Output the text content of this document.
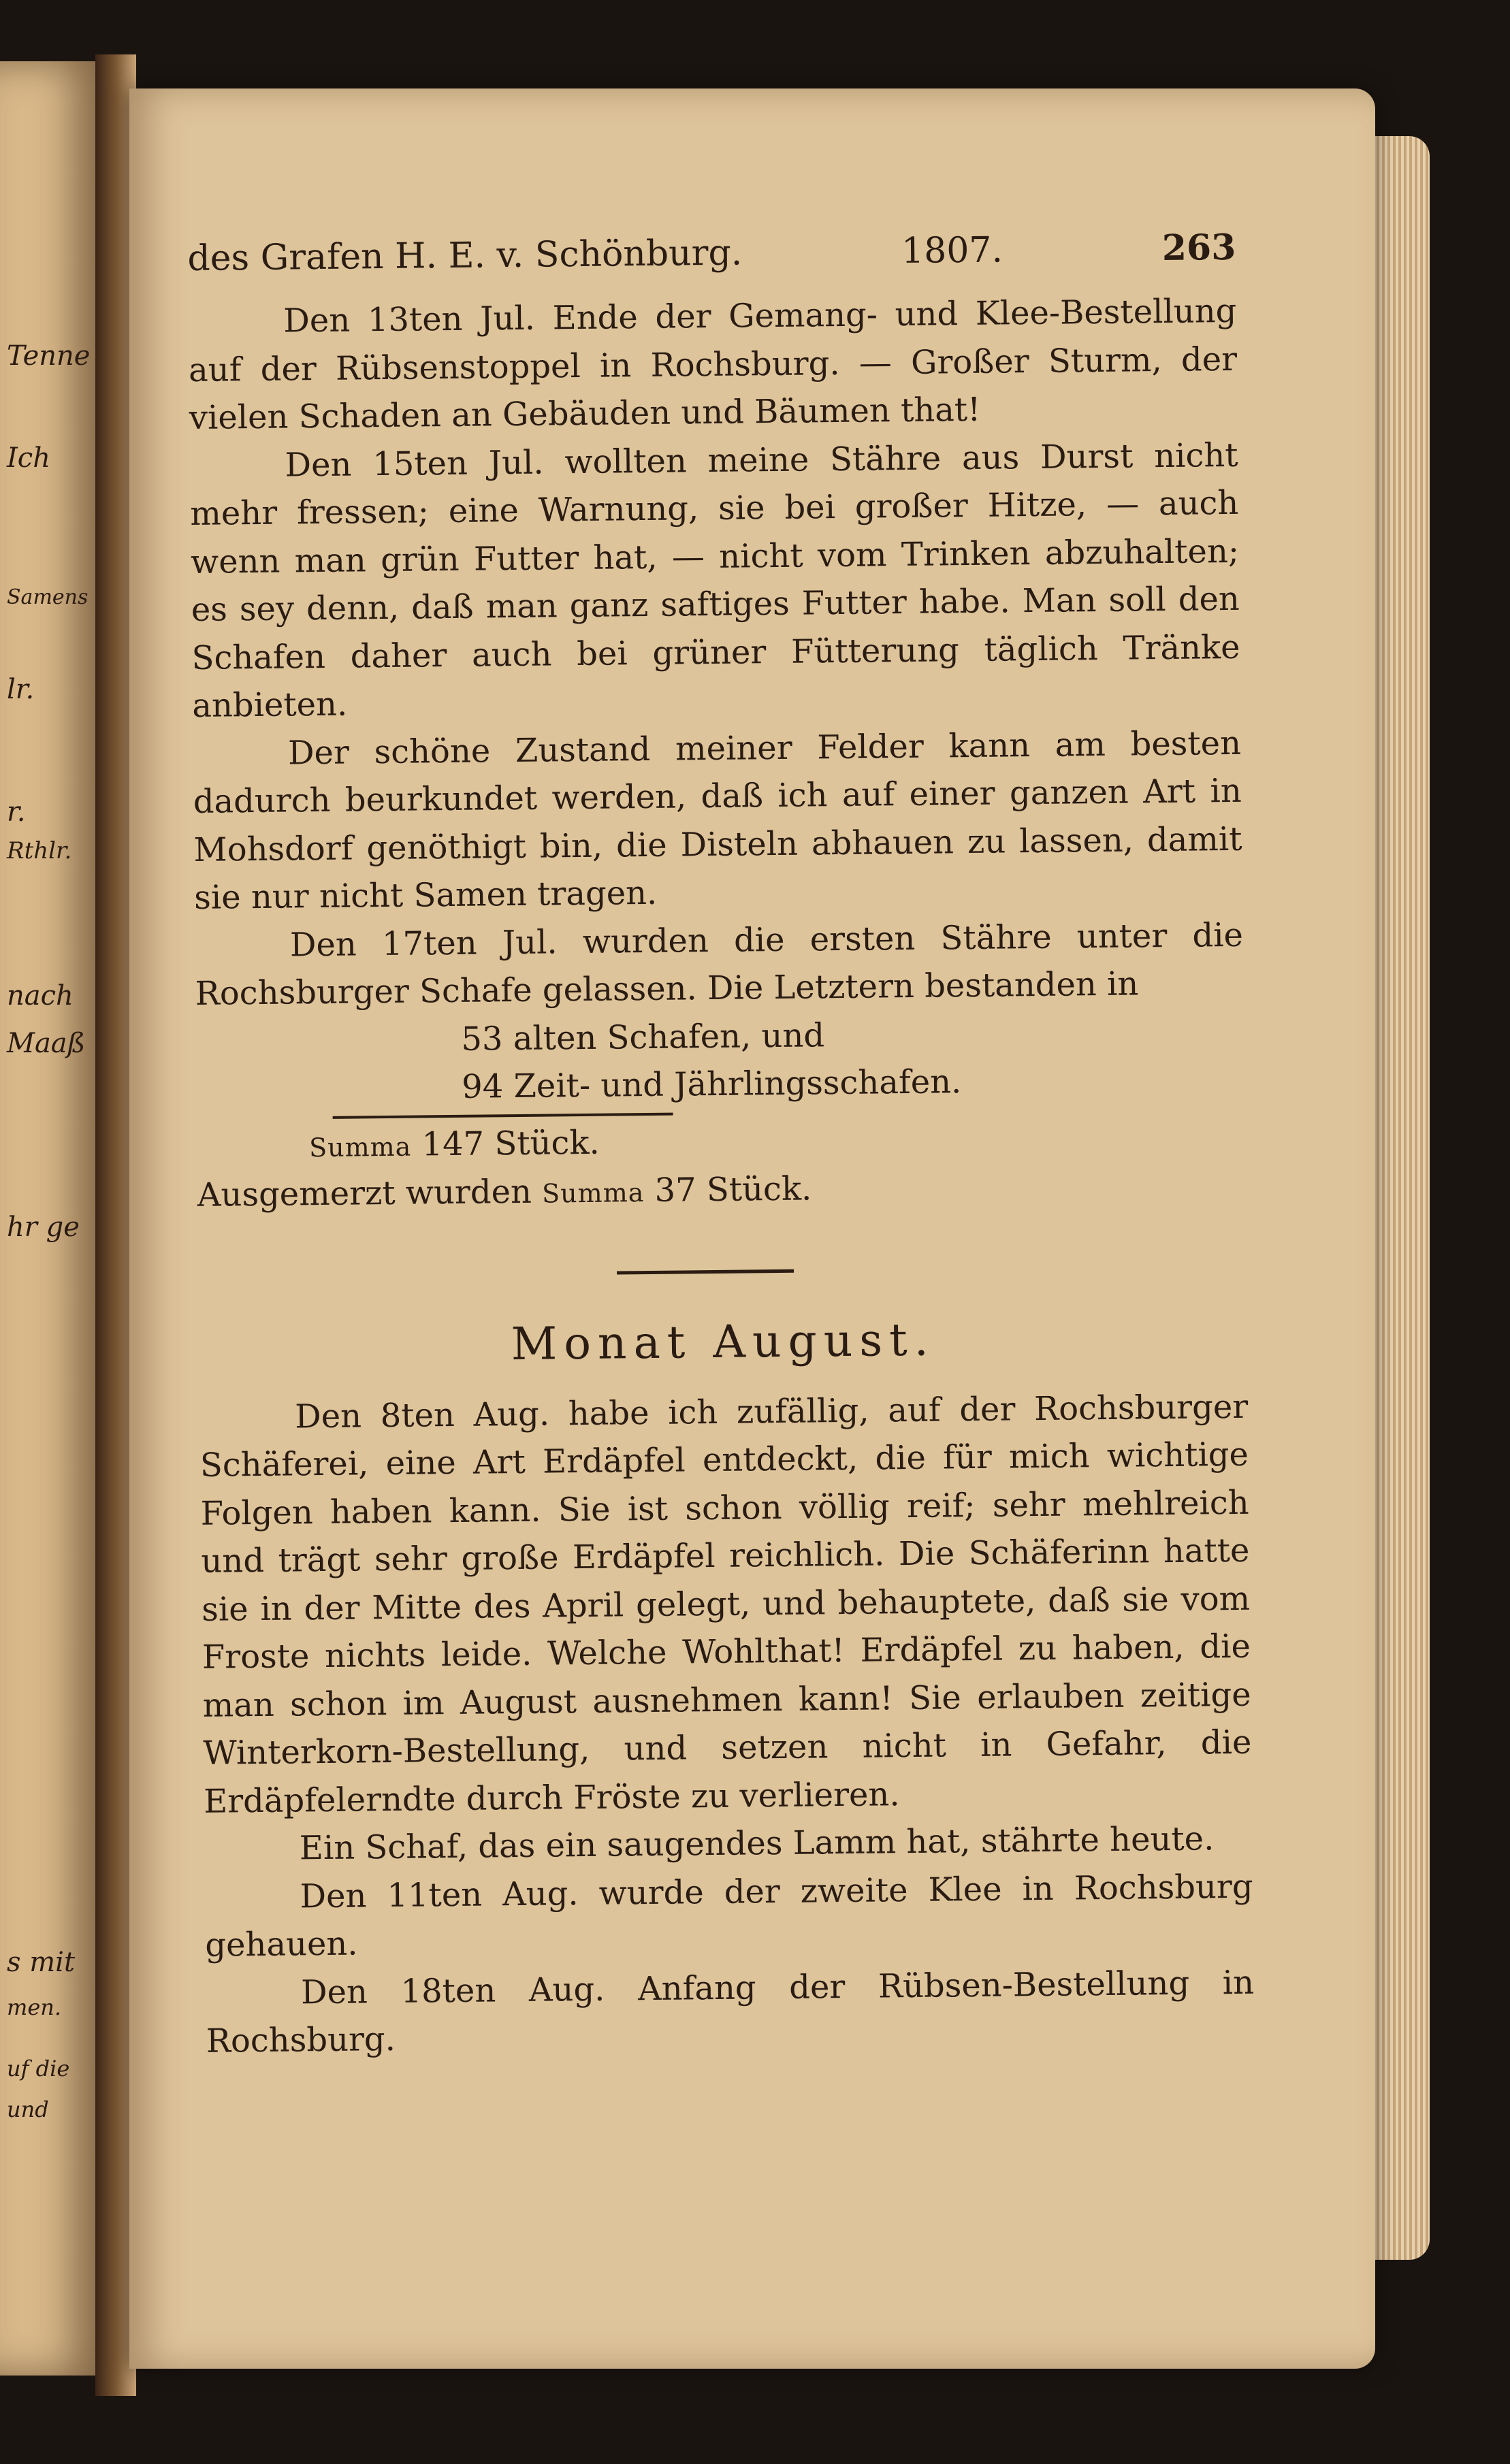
Tenne
Ich
Samens
lr.
r.
Rthlr.
nach
Maaß
hr ge
s mit
men.
uf die
und
des Grafen H. E. v. Schönburg.	1807.	263

Den 13ten Jul. Ende der Gemang- und Klee-Bestellung auf der Rübsenstoppel in Rochsburg. — Großer Sturm, der vielen Schaden an Gebäuden und Bäumen that!

Den 15ten Jul. wollten meine Stähre aus Durst nicht mehr fressen; eine Warnung, sie bei großer Hitze, — auch wenn man grün Futter hat, — nicht vom Trinken abzuhalten; es sey denn, daß man ganz saftiges Futter habe. Man soll den Schafen daher auch bei grüner Fütterung täglich Tränke anbieten.

Der schöne Zustand meiner Felder kann am besten dadurch beurkundet werden, daß ich auf einer ganzen Art in Mohsdorf genöthigt bin, die Disteln abhauen zu lassen, damit sie nur nicht Samen tragen.

Den 17ten Jul. wurden die ersten Stähre unter die Rochsburger Schafe gelassen. Die Letztern bestanden in

53 alten Schafen, und
94 Zeit- und Jährlingsschafen.
Summa 147 Stück.
Ausgemerzt wurden Summa 37 Stück.
Monat August.

Den 8ten Aug. habe ich zufällig, auf der Rochsburger Schäferei, eine Art Erdäpfel entdeckt, die für mich wichtige Folgen haben kann. Sie ist schon völlig reif; sehr mehlreich und trägt sehr große Erdäpfel reichlich. Die Schäferinn hatte sie in der Mitte des April gelegt, und behauptete, daß sie vom Froste nichts leide. Welche Wohlthat! Erdäpfel zu haben, die man schon im August ausnehmen kann! Sie erlauben zeitige Winterkorn-Bestellung, und setzen nicht in Gefahr, die Erdäpfelerndte durch Fröste zu verlieren.

Ein Schaf, das ein saugendes Lamm hat, stährte heute.

Den 11ten Aug. wurde der zweite Klee in Rochsburg gehauen.

Den 18ten Aug. Anfang der Rübsen-Bestellung in Rochsburg.
